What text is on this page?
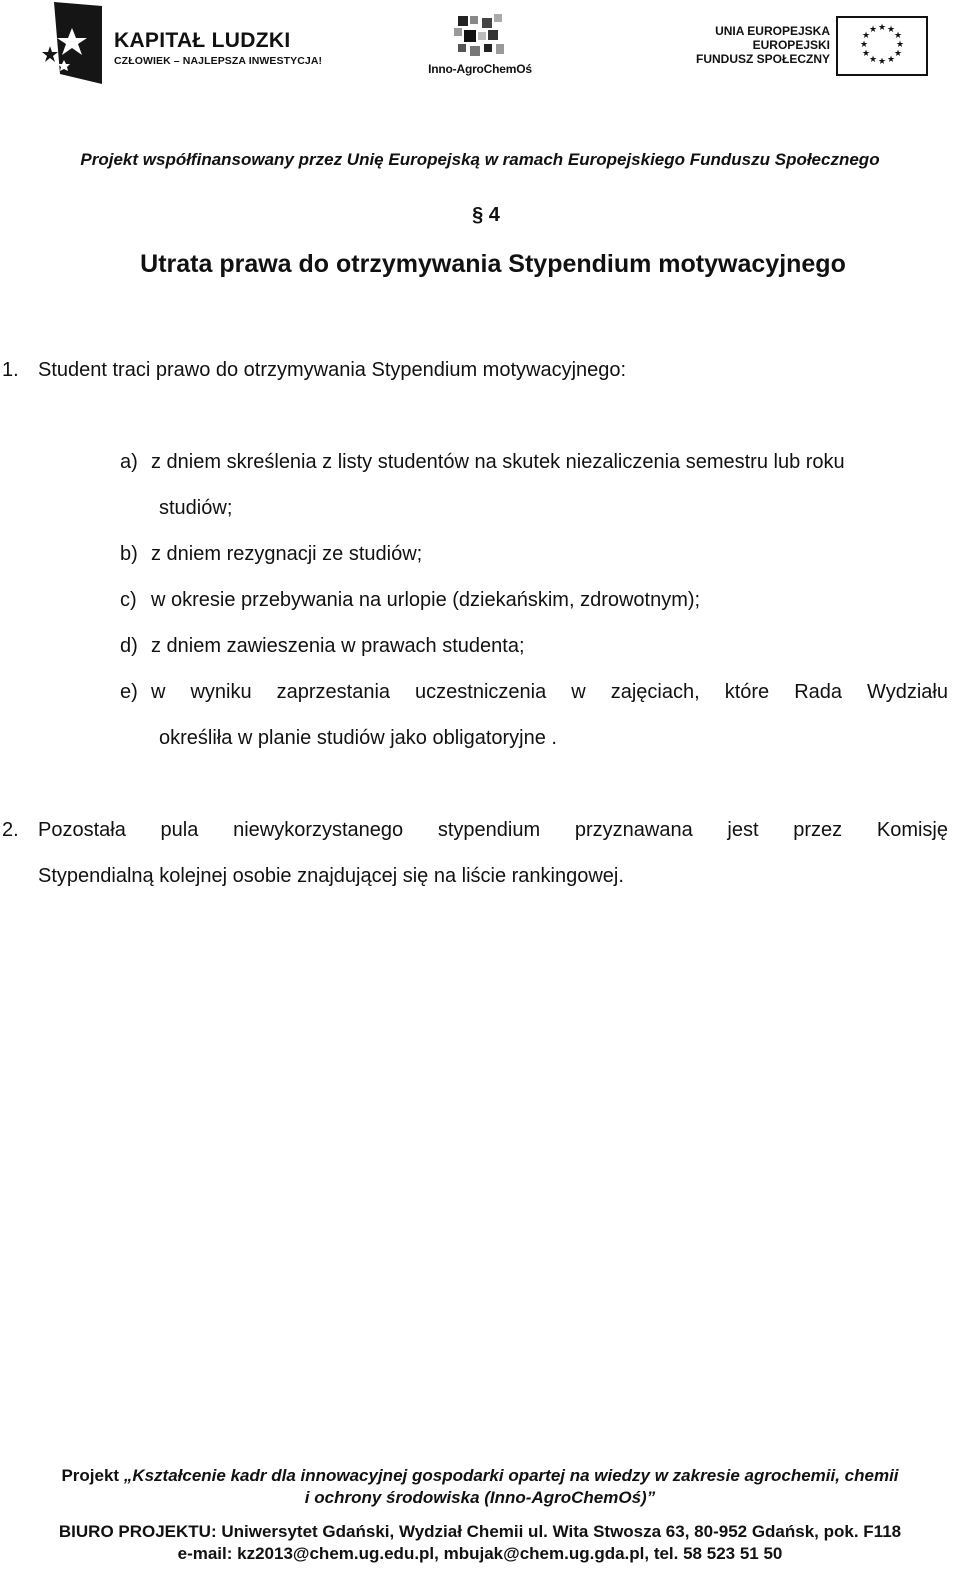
KAPITAŁ LUDZKI
CZŁOWIEK – NAJLEPSZA INWESTYCJA!
Inno-AgroChemOś
UNIA EUROPEJSKA
EUROPEJSKI
FUNDUSZ SPOŁECZNY
★ ★
★
★
★
★
★
★
★
★
★
★
Projekt współfinansowany przez Unię Europejską w ramach Europejskiego Funduszu Społecznego
§ 4
Utrata prawa do otrzymywania Stypendium motywacyjnego
1. Student traci prawo do otrzymywania Stypendium motywacyjnego:
a) z dniem skreślenia z listy studentów na skutek niezaliczenia semestru lub roku
studiów;
b) z dniem rezygnacji ze studiów;
c) w okresie przebywania na urlopie (dziekańskim, zdrowotnym);
d) z dniem zawieszenia w prawach studenta;
e) w wyniku zaprzestania uczestniczenia w zajęciach, które Rada Wydziału
określiła w planie studiów jako obligatoryjne .
2. Pozostała pula niewykorzystanego stypendium przyznawana jest przez Komisję
Stypendialną kolejnej osobie znajdującej się na liście rankingowej.
Projekt „Kształcenie kadr dla innowacyjnej gospodarki opartej na wiedzy w zakresie agrochemii, chemii
i ochrony środowiska (Inno-AgroChemOś)”
BIURO PROJEKTU: Uniwersytet Gdański, Wydział Chemii ul. Wita Stwosza 63, 80-952 Gdańsk, pok. F118
e-mail: kz2013@chem.ug.edu.pl, mbujak@chem.ug.gda.pl, tel. 58 523 51 50
